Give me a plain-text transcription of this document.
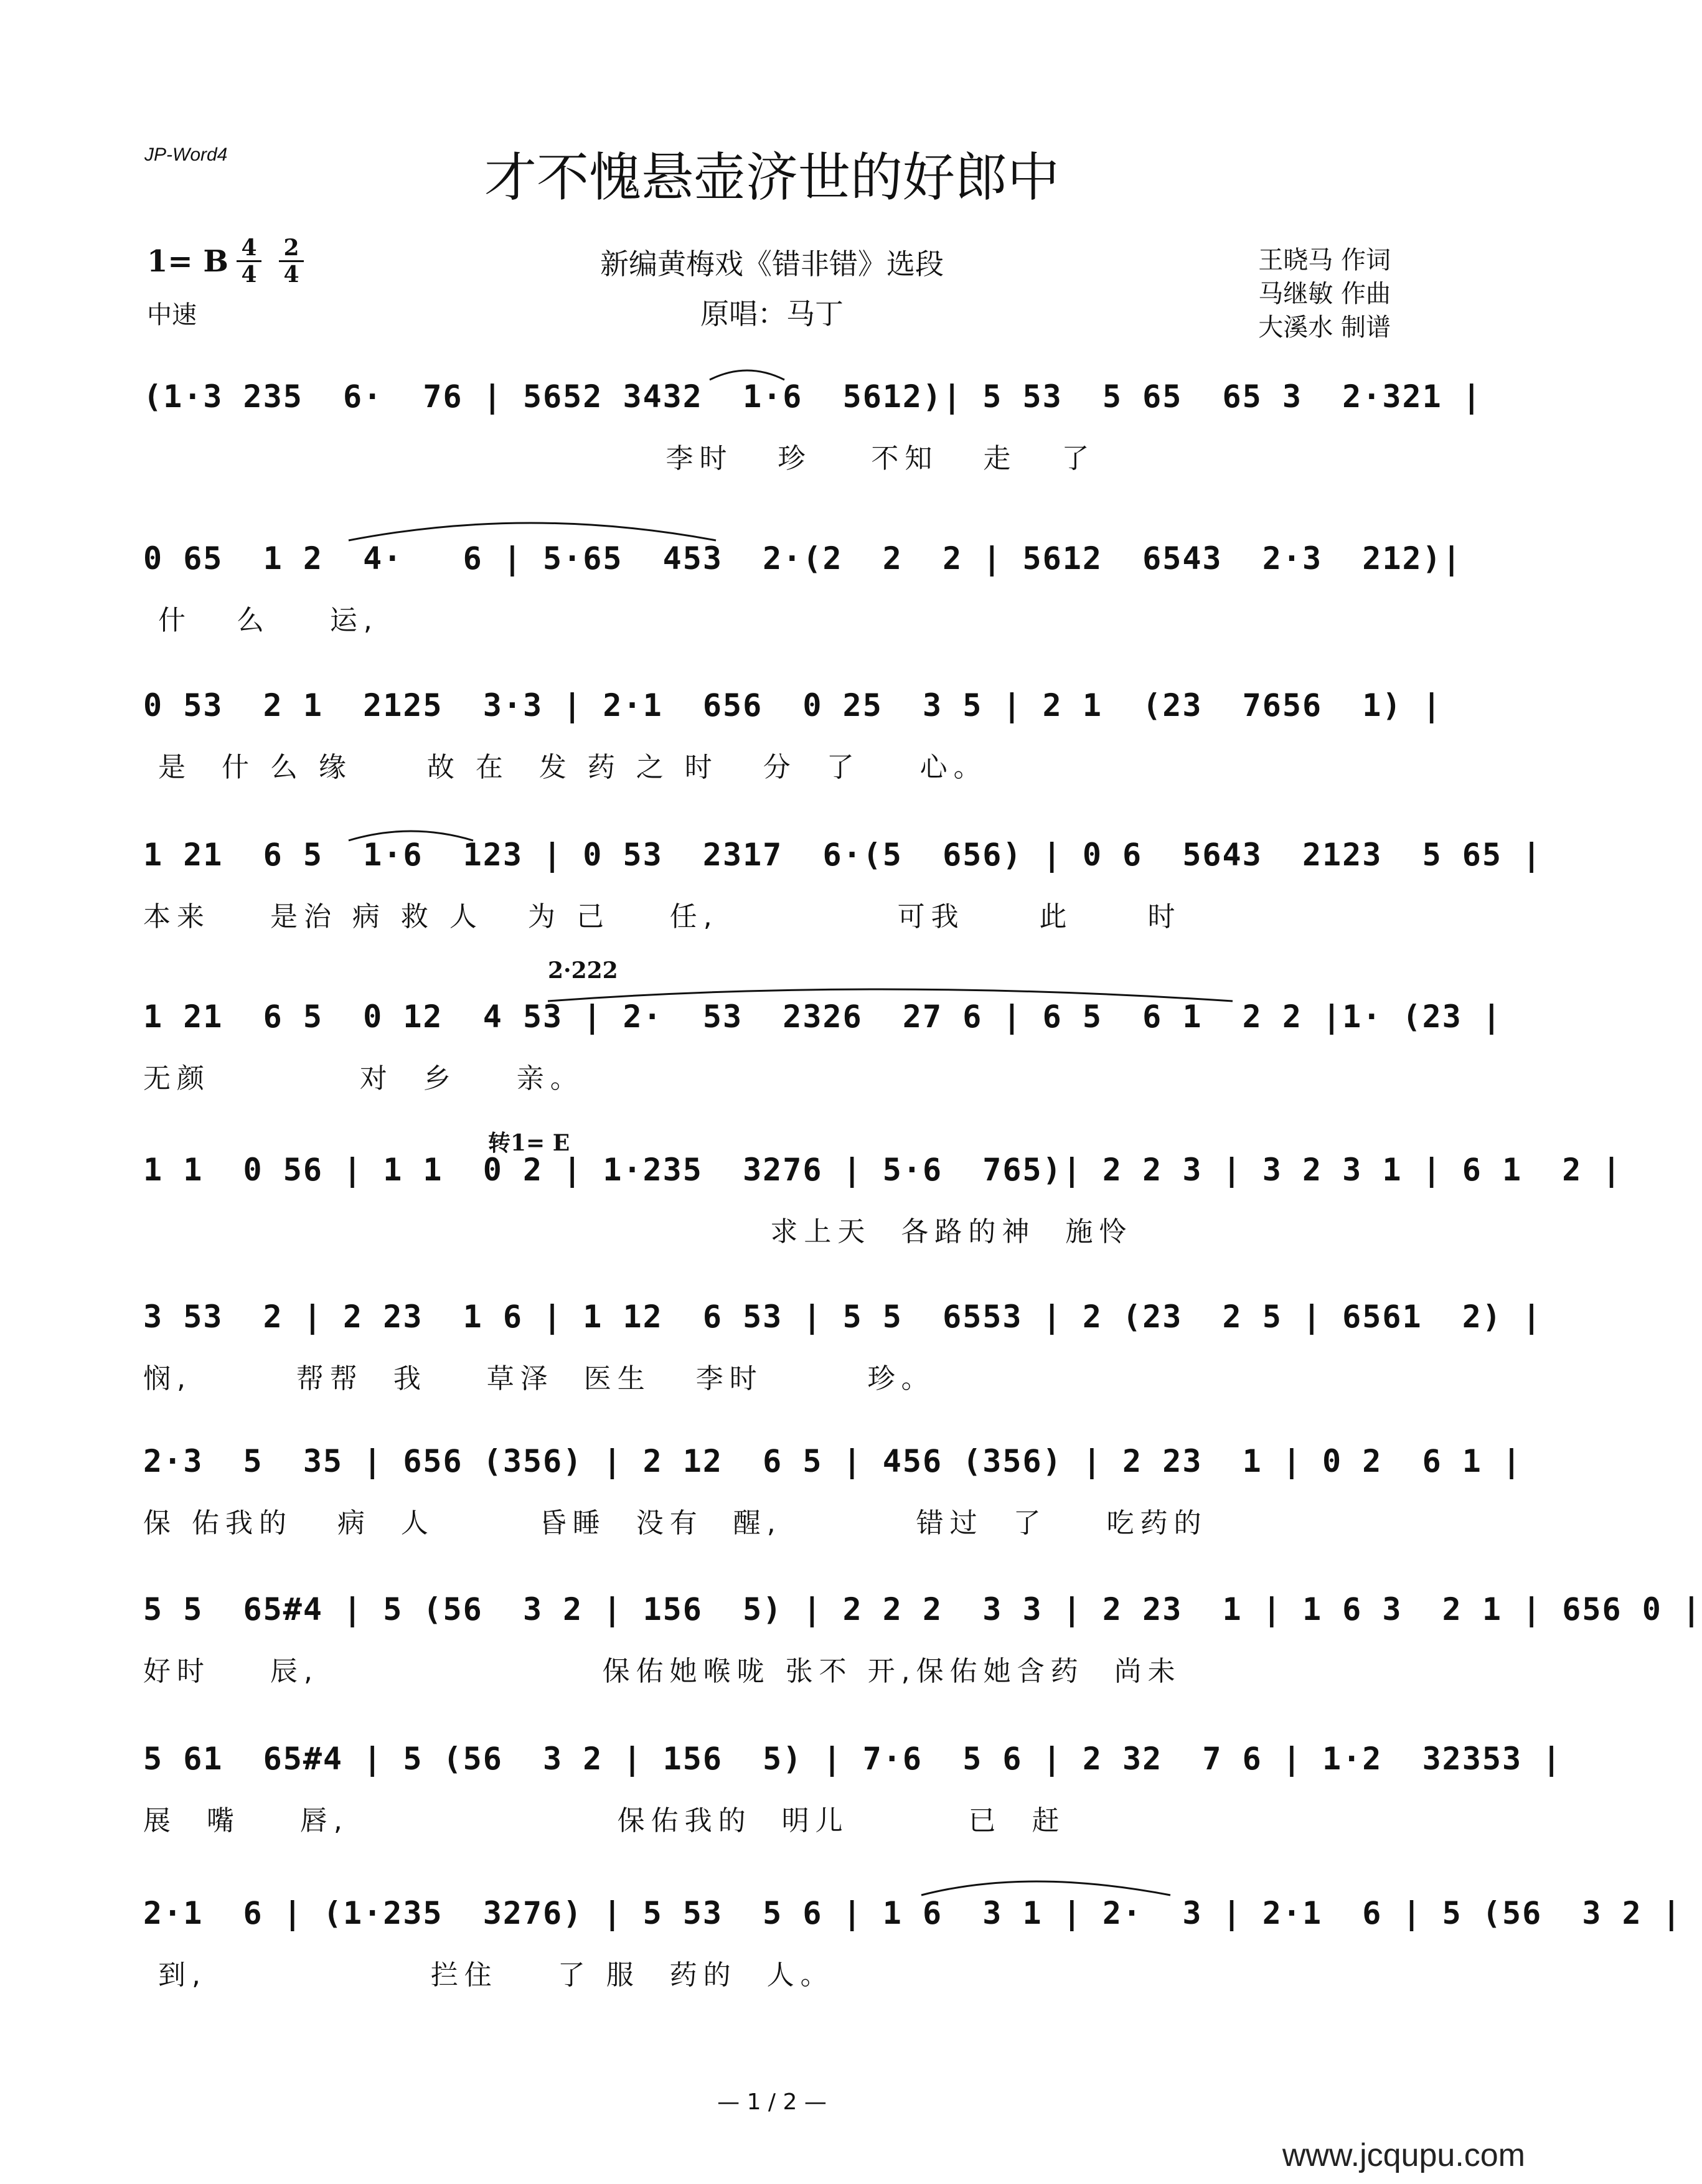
JP-Word4	才不愧悬壶济世的好郎中
1= B 4
4
2
4
中速
新编黄梅戏《错非错》选段
原唱：马丁
王晓马 作词
马继敏 作曲
大溪水 制谱
(1·3 235  6·  76 | 5652 3432  1·6  5612)| 5 53  5 65  65 3  2·321 |
李时   珍    不知   走   了
0 65  1 2  4·   6 | 5·65  453  2·(2  2  2 | 5612  6543  2·3  212)|
什   么    运,
0 53  2 1  2125  3·3 | 2·1  656  0 25  3 5 | 2 1  (23  7656  1) |
是  什 么 缘     故 在  发 药 之 时   分  了    心。
1 21  6 5  1·6  123 | 0 53  2317  6·(5  656) | 0 6  5643  2123  5 65 |
本来    是治 病 救 人   为 己    任,            可我     此     时
2·222
1 21  6 5  0 12  4 53 | 2·  53  2326  27 6 | 6 5  6 1  2 2 |1· (23 |
无颜          对  乡    亲。
转1= E
1 1  0 56 | 1 1  0 2 | 1·235  3276 | 5·6  765)| 2 2 3 | 3 2 3 1 | 6 1  2 |
求上天  各路的神  施怜
3 53  2 | 2 23  1 6 | 1 12  6 53 | 5 5  6553 | 2 (23  2 5 | 6561  2) |
悯,       帮帮  我    草泽  医生   李时       珍。
2·3  5  35 | 656 (356) | 2 12  6 5 | 456 (356) | 2 23  1 | 0 2  6 1 |
保 佑我的   病  人       昏睡  没有  醒,         错过  了    吃药的
5 5  65#4 | 5 (56  3 2 | 156  5) | 2 2 2  3 3 | 2 23  1 | 1 6 3  2 1 | 656 0 |
好时    辰,                   保佑她喉咙 张不 开,保佑她含药  尚未
5 61  65#4 | 5 (56  3 2 | 156  5) | 7·6  5 6 | 2 32  7 6 | 1·2  32353 |
展  嘴    唇,                  保佑我的  明儿        已  赶
2·1  6 | (1·235  3276) | 5 53  5 6 | 1 6  3 1 | 2·  3 | 2·1  6 | 5 (56  3 2 |
到,               拦住    了 服  药的  人。
— 1 / 2 —
www.jcqupu.com
